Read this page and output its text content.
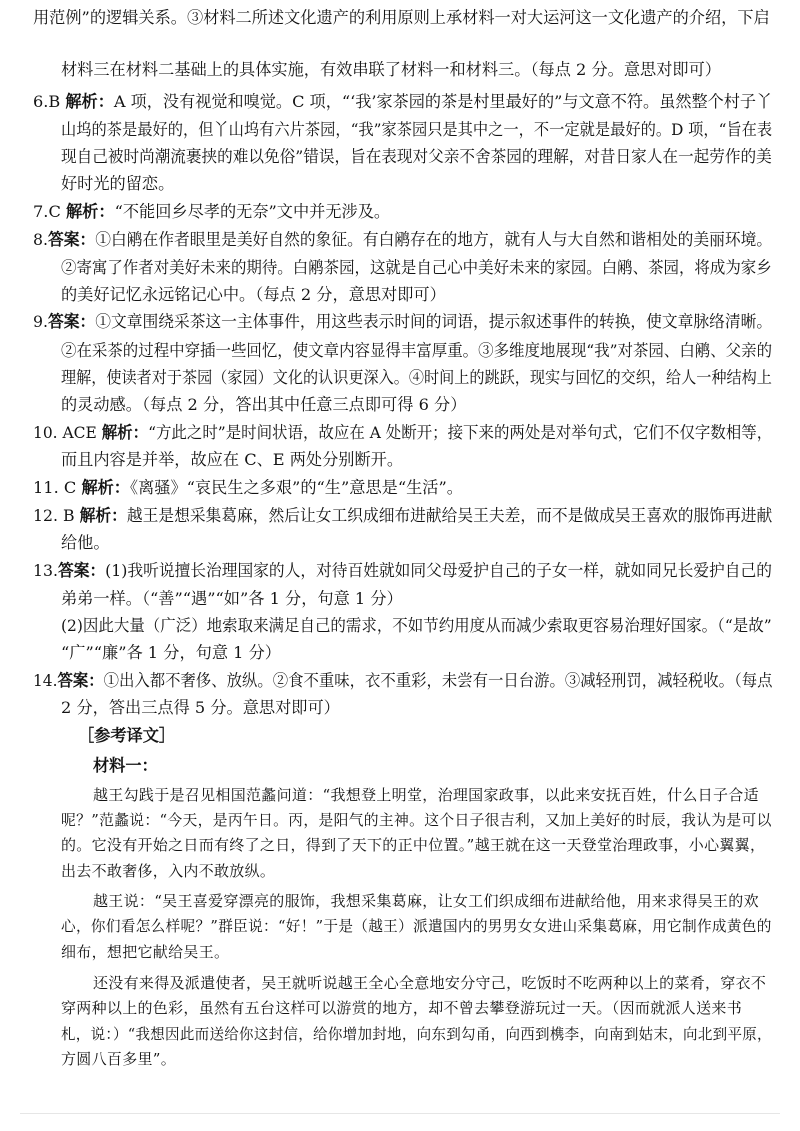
用范例”的逻辑关系。③材料二所述文化遗产的利用原则上承材料一对大运河这一文化遗产的介绍，下启
材料三在材料二基础上的具体实施，有效串联了材料一和材料三。（每点 2 分。意思对即可）
6.B 解析：A 项，没有视觉和嗅觉。C 项，“‘我’家茶园的茶是村里最好的”与文意不符。虽然整个村子丫
山坞的茶是最好的，但丫山坞有六片茶园，“我”家茶园只是其中之一，不一定就是最好的。D 项，“旨在表
现自己被时尚潮流裹挟的难以免俗”错误，旨在表现对父亲不舍茶园的理解，对昔日家人在一起劳作的美
好时光的留恋。
7.C 解析：“不能回乡尽孝的无奈”文中并无涉及。
8.答案：①白鹇在作者眼里是美好自然的象征。有白鹇存在的地方，就有人与大自然和谐相处的美丽环境。
②寄寓了作者对美好未来的期待。白鹇茶园，这就是自己心中美好未来的家园。白鹇、茶园，将成为家乡
的美好记忆永远铭记心中。（每点 2 分，意思对即可）
9.答案：①文章围绕采茶这一主体事件，用这些表示时间的词语，提示叙述事件的转换，使文章脉络清晰。
②在采茶的过程中穿插一些回忆，使文章内容显得丰富厚重。③多维度地展现“我”对茶园、白鹇、父亲的
理解，使读者对于茶园（家园）文化的认识更深入。④时间上的跳跃，现实与回忆的交织，给人一种结构上
的灵动感。（每点 2 分，答出其中任意三点即可得 6 分）
10. ACE 解析：“方此之时”是时间状语，故应在 A 处断开；接下来的两处是对举句式，它们不仅字数相等，
而且内容是并举，故应在 C、E 两处分别断开。
11. C 解析：《离骚》“哀民生之多艰”的“生”意思是“生活”。
12. B 解析：越王是想采集葛麻，然后让女工织成细布进献给吴王夫差，而不是做成吴王喜欢的服饰再进献
给他。
13.答案：(1)我听说擅长治理国家的人，对待百姓就如同父母爱护自己的子女一样，就如同兄长爱护自己的
弟弟一样。（“善”“遇”“如”各 1 分，句意 1 分）
(2)因此大量（广泛）地索取来满足自己的需求，不如节约用度从而减少索取更容易治理好国家。（“是故”
“广”“廉”各 1 分，句意 1 分）
14.答案：①出入都不奢侈、放纵。②食不重味，衣不重彩，未尝有一日台游。③减轻刑罚，减轻税收。（每点
2 分，答出三点得 5 分。意思对即可）
［参考译文］
材料一：
越王勾践于是召见相国范蠡问道：“我想登上明堂，治理国家政事，以此来安抚百姓，什么日子合适
呢？”范蠡说：“今天，是丙午日。丙，是阳气的主神。这个日子很吉利，又加上美好的时辰，我认为是可以
的。它没有开始之日而有终了之日，得到了天下的正中位置。”越王就在这一天登堂治理政事，小心翼翼，
出去不敢奢侈，入内不敢放纵。
越王说：“吴王喜爱穿漂亮的服饰，我想采集葛麻，让女工们织成细布进献给他，用来求得吴王的欢
心，你们看怎么样呢？”群臣说：“好！”于是（越王）派遣国内的男男女女进山采集葛麻，用它制作成黄色的
细布，想把它献给吴王。
还没有来得及派遣使者，吴王就听说越王全心全意地安分守己，吃饭时不吃两种以上的菜肴，穿衣不
穿两种以上的色彩，虽然有五台这样可以游赏的地方，却不曾去攀登游玩过一天。（因而就派人送来书
札，说：）“我想因此而送给你这封信，给你增加封地，向东到勾甬，向西到槜李，向南到姑末，向北到平原，
方圆八百多里”。
